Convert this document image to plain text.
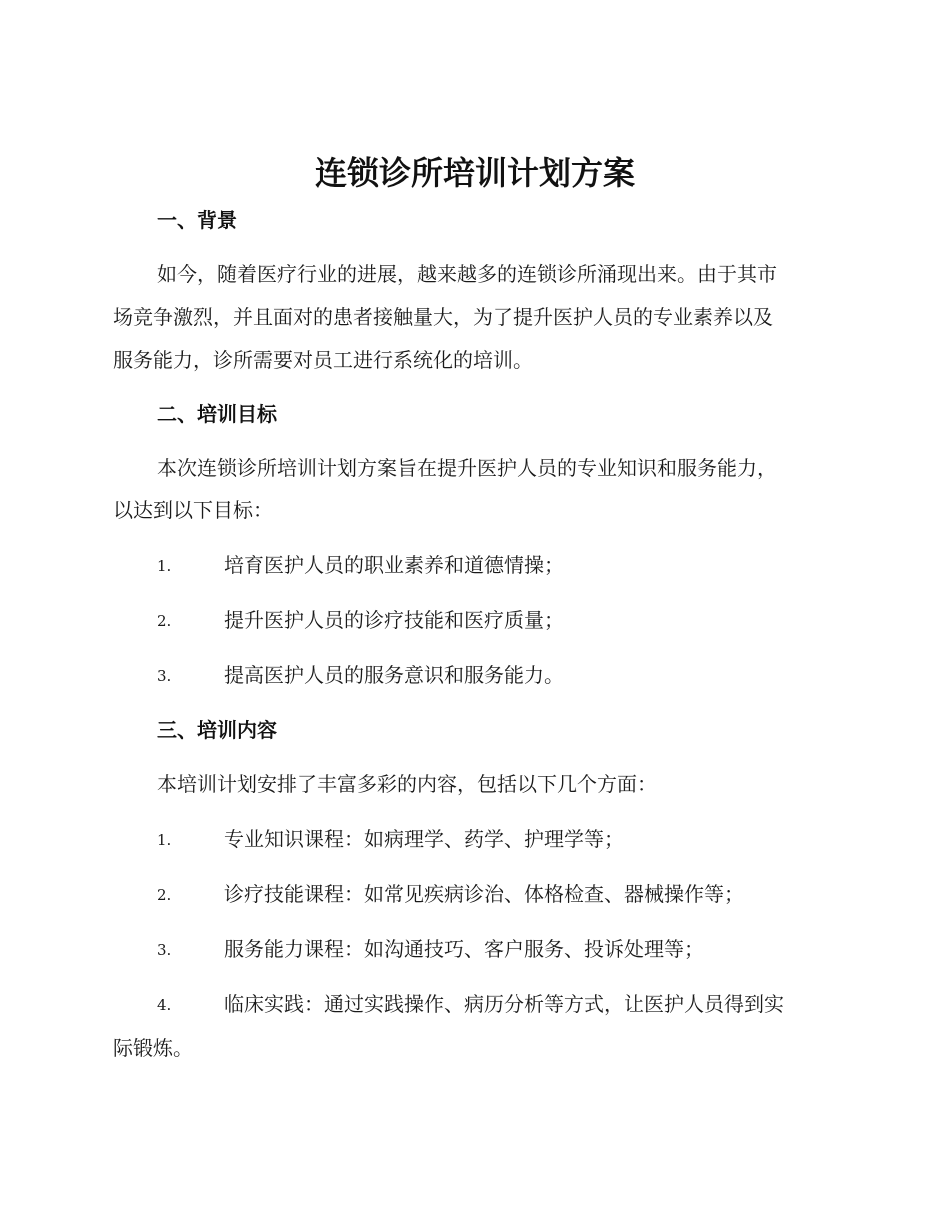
连锁诊所培训计划方案
一、背景
如今，随着医疗行业的进展，越来越多的连锁诊所涌现出来。由于其市
场竞争激烈，并且面对的患者接触量大，为了提升医护人员的专业素养以及
服务能力，诊所需要对员工进行系统化的培训。
二、培训目标
本次连锁诊所培训计划方案旨在提升医护人员的专业知识和服务能力，
以达到以下目标：
1.	培育医护人员的职业素养和道德情操；
2.	提升医护人员的诊疗技能和医疗质量；
3.	提高医护人员的服务意识和服务能力。
三、培训内容
本培训计划安排了丰富多彩的内容，包括以下几个方面：
1.	专业知识课程：如病理学、药学、护理学等；
2.	诊疗技能课程：如常见疾病诊治、体格检查、器械操作等；
3.	服务能力课程：如沟通技巧、客户服务、投诉处理等；
4.	临床实践：通过实践操作、病历分析等方式，让医护人员得到实
际锻炼。
